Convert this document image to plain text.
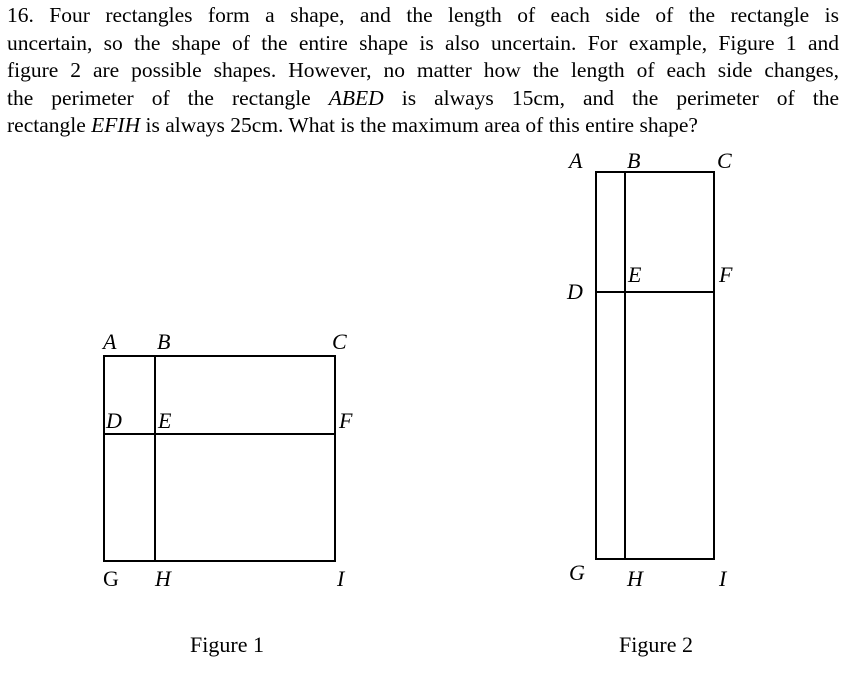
16. Four rectangles form a shape, and the length of each side of the rectangle is
uncertain, so the shape of the entire shape is also uncertain. For example, Figure 1 and
figure 2 are possible shapes. However, no matter how the length of each side changes,
the perimeter of the rectangle ABED is always 15cm, and the perimeter of the
rectangle EFIH is always 25cm. What is the maximum area of this entire shape?
A B	C
D E	F
G H	I
Figure 1
A B	C
D
E	F
G H	I
Figure 2
